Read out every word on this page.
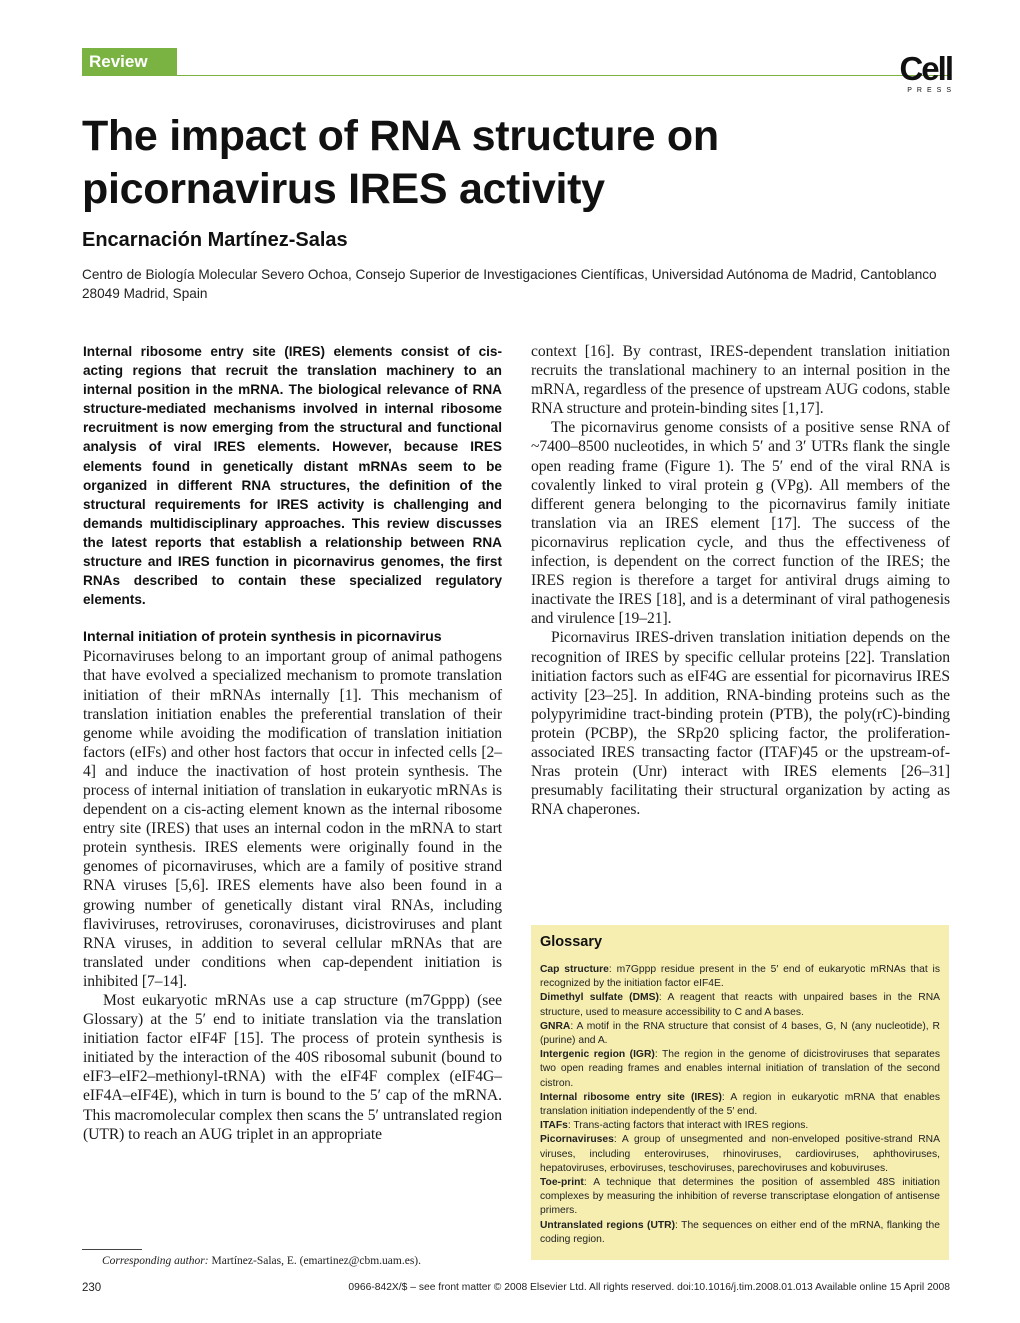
Review	Cell
PRESS
The impact of RNA structure on picornavirus IRES activity

Encarnación Martínez-Salas

Centro de Biología Molecular Severo Ochoa, Consejo Superior de Investigaciones Científicas, Universidad Autónoma de Madrid, Cantoblanco 28049 Madrid, Spain

Internal ribosome entry site (IRES) elements consist of cis-acting regions that recruit the translation machinery to an internal position in the mRNA. The biological relevance of RNA structure-mediated mechanisms involved in internal ribosome recruitment is now emerging from the structural and functional analysis of viral IRES elements. However, because IRES elements found in genetically distant mRNAs seem to be organized in different RNA structures, the definition of the structural requirements for IRES activity is challenging and demands multidisciplinary approaches. This review discusses the latest reports that establish a relationship between RNA structure and IRES function in picornavirus genomes, the first RNAs described to contain these specialized regulatory elements.

Internal initiation of protein synthesis in picornavirus

Picornaviruses belong to an important group of animal pathogens that have evolved a specialized mechanism to promote translation initiation of their mRNAs internally [1]. This mechanism of translation initiation enables the preferential translation of their genome while avoiding the modification of translation initiation factors (eIFs) and other host factors that occur in infected cells [2–4] and induce the inactivation of host protein synthesis. The process of internal initiation of translation in eukaryotic mRNAs is dependent on a cis-acting element known as the internal ribosome entry site (IRES) that uses an internal codon in the mRNA to start protein synthesis. IRES elements were originally found in the genomes of picornaviruses, which are a family of positive strand RNA viruses [5,6]. IRES elements have also been found in a growing number of genetically distant viral RNAs, including flaviviruses, retroviruses, coronaviruses, dicistroviruses and plant RNA viruses, in addition to several cellular mRNAs that are translated under conditions when cap-dependent initiation is inhibited [7–14].

Most eukaryotic mRNAs use a cap structure (m7Gppp) (see Glossary) at the 5′ end to initiate translation via the translation initiation factor eIF4F [15]. The process of protein synthesis is initiated by the interaction of the 40S ribosomal subunit (bound to eIF3–eIF2–methionyl-tRNA) with the eIF4F complex (eIF4G–eIF4A–eIF4E), which in turn is bound to the 5′ cap of the mRNA. This macromolecular complex then scans the 5′ untranslated region (UTR) to reach an AUG triplet in an appropriate

context [16]. By contrast, IRES-dependent translation initiation recruits the translational machinery to an internal position in the mRNA, regardless of the presence of upstream AUG codons, stable RNA structure and protein-binding sites [1,17].

The picornavirus genome consists of a positive sense RNA of ~7400–8500 nucleotides, in which 5′ and 3′ UTRs flank the single open reading frame (Figure 1). The 5′ end of the viral RNA is covalently linked to viral protein g (VPg). All members of the different genera belonging to the picornavirus family initiate translation via an IRES element [17]. The success of the picornavirus replication cycle, and thus the effectiveness of infection, is dependent on the correct function of the IRES; the IRES region is therefore a target for antiviral drugs aiming to inactivate the IRES [18], and is a determinant of viral pathogenesis and virulence [19–21].

Picornavirus IRES-driven translation initiation depends on the recognition of IRES by specific cellular proteins [22]. Translation initiation factors such as eIF4G are essential for picornavirus IRES activity [23–25]. In addition, RNA-binding proteins such as the polypyrimidine tract-binding protein (PTB), the poly(rC)-binding protein (PCBP), the SRp20 splicing factor, the proliferation-associated IRES transacting factor (ITAF)45 or the upstream-of-Nras protein (Unr) interact with IRES elements [26–31] presumably facilitating their structural organization by acting as RNA chaperones.

Glossary

Cap structure: m7Gppp residue present in the 5′ end of eukaryotic mRNAs that is recognized by the initiation factor eIF4E.

Dimethyl sulfate (DMS): A reagent that reacts with unpaired bases in the RNA structure, used to measure accessibility to C and A bases.

GNRA: A motif in the RNA structure that consist of 4 bases, G, N (any nucleotide), R (purine) and A.

Intergenic region (IGR): The region in the genome of dicistroviruses that separates two open reading frames and enables internal initiation of translation of the second cistron.

Internal ribosome entry site (IRES): A region in eukaryotic mRNA that enables translation initiation independently of the 5′ end.

ITAFs: Trans-acting factors that interact with IRES regions.

Picornaviruses: A group of unsegmented and non-enveloped positive-strand RNA viruses, including enteroviruses, rhinoviruses, cardioviruses, aphthoviruses, hepatoviruses, erboviruses, teschoviruses, parechoviruses and kobuviruses.

Toe-print: A technique that determines the position of assembled 48S initiation complexes by measuring the inhibition of reverse transcriptase elongation of antisense primers.

Untranslated regions (UTR): The sequences on either end of the mRNA, flanking the coding region.

Corresponding author: Martínez-Salas, E. (emartinez@cbm.uam.es).

230	0966-842X/$ – see front matter © 2008 Elsevier Ltd. All rights reserved. doi:10.1016/j.tim.2008.01.013 Available online 15 April 2008
